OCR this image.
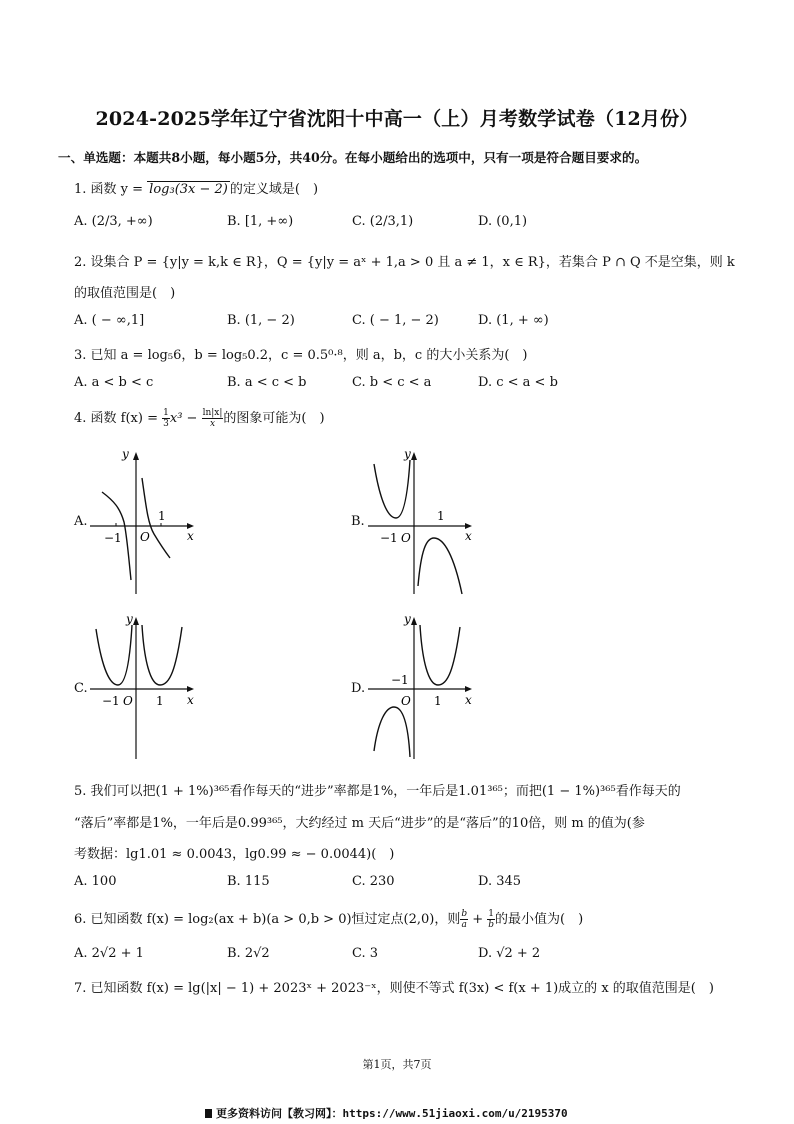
2024-2025学年辽宁省沈阳十中高一（上）月考数学试卷（12月份）
一、单选题：本题共8小题，每小题5分，共40分。在每小题给出的选项中，只有一项是符合题目要求的。
1. 函数 y = log₃(3x − 2) 的定义域是(　)
A. (2/3, +∞)	B. [1, +∞)	C. (2/3,1)	D. (0,1)
2. 设集合 P = {y|y = k,k ∈ R}，Q = {y|y = aˣ + 1,a > 0 且 a ≠ 1，x ∈ R}，若集合 P ∩ Q 不是空集，则 k
的取值范围是(　)
A. ( − ∞,1]	B. (1, − 2)	C. ( − 1, − 2)	D. (1, + ∞)
3. 已知 a = log₅6，b = log₅0.2，c = 0.5⁰·⁸，则 a，b，c 的大小关系为(　)
A. a < b < c	B. a < c < b	C. b < c < a	D. c < a < b
4. 函数 $f(x) = \frac{1}{3} x^3 - \frac{\ln|x|}{x}$ 的图象可能为(　)
A.
y
x
O
−1
1	B.
y
x
−1 O
1
C.
y
x
−1 O 1
D.
y
x
−1
O 1
5. 我们可以把(1 + 1%)³⁶⁵看作每天的“进步”率都是1%，一年后是1.01³⁶⁵；而把(1 − 1%)³⁶⁵看作每天的
“落后”率都是1%，一年后是0.99³⁶⁵，大约经过 m 天后“进步”的是“落后”的10倍，则 m 的值为(参
考数据：lg1.01 ≈ 0.0043，lg0.99 ≈ − 0.0044)(　)
A. 100	B. 115	C. 230	D. 345
6. 已知函数 f(x) = log₂(ax + b)(a > 0,b > 0)恒过定点(2,0)，则 $\frac{b}{a} + \frac{1}{b}$ 的最小值为(　)
A. 2√2 + 1	B. 2√2	C. 3	D. √2 + 2
7. 已知函数 f(x) = lg(|x| − 1) + 2023ˣ + 2023⁻ˣ，则使不等式 f(3x) < f(x + 1)成立的 x 的取值范围是(　)
第1页，共7页
更多资料访问【教习网】：https://www.51jiaoxi.com/u/2195370
